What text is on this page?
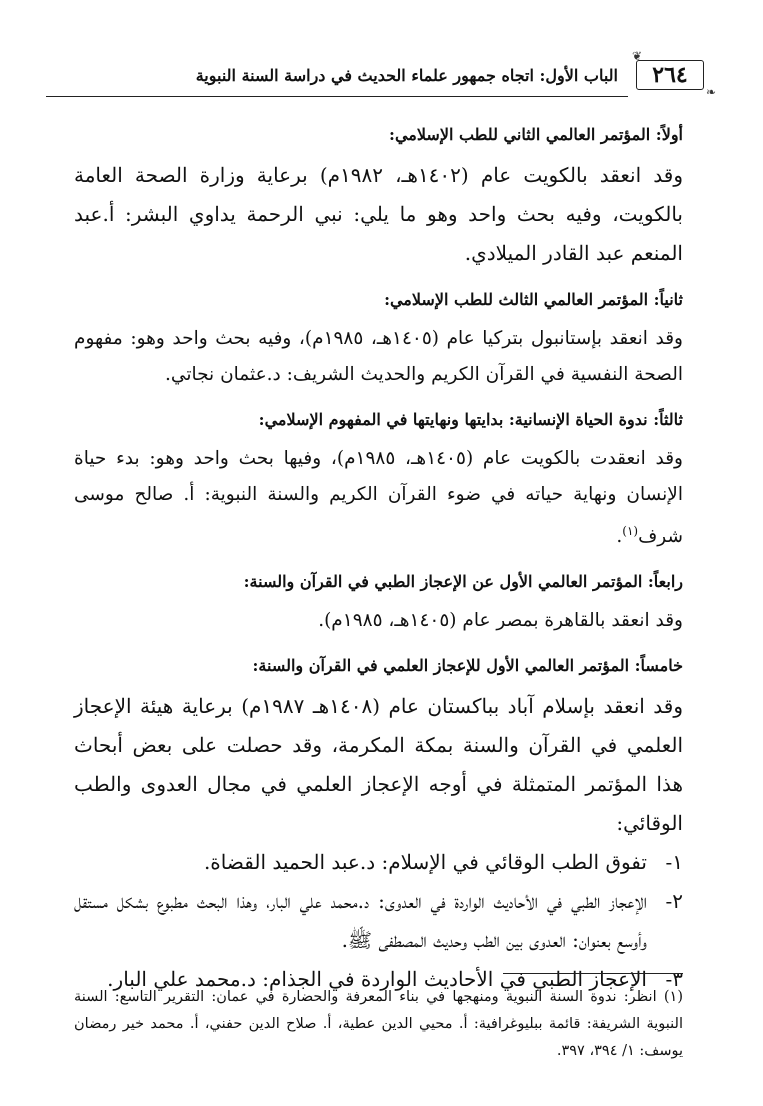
❦
٢٦٤
❧
الباب الأول: اتجاه جمهور علماء الحديث في دراسة السنة النبوية
أولاً: المؤتمر العالمي الثاني للطب الإسلامي:
وقد انعقد بالكويت عام (١٤٠٢هـ، ١٩٨٢م) برعاية وزارة الصحة العامة بالكويت، وفيه بحث واحد وهو ما يلي: نبي الرحمة يداوي البشر: أ.عبد المنعم عبد القادر الميلادي.
ثانياً: المؤتمر العالمي الثالث للطب الإسلامي:
وقد انعقد بإستانبول بتركيا عام (١٤٠٥هـ، ١٩٨٥م)، وفيه بحث واحد وهو: مفهوم الصحة النفسية في القرآن الكريم والحديث الشريف: د.عثمان نجاتي.
ثالثاً: ندوة الحياة الإنسانية: بدايتها ونهايتها في المفهوم الإسلامي:
وقد انعقدت بالكويت عام (١٤٠٥هـ، ١٩٨٥م)، وفيها بحث واحد وهو: بدء حياة الإنسان ونهاية حياته في ضوء القرآن الكريم والسنة النبوية: أ. صالح موسى شرف$^{(١)}$.
رابعاً: المؤتمر العالمي الأول عن الإعجاز الطبي في القرآن والسنة:
وقد انعقد بالقاهرة بمصر عام (١٤٠٥هـ، ١٩٨٥م).
خامساً: المؤتمر العالمي الأول للإعجاز العلمي في القرآن والسنة:
وقد انعقد بإسلام آباد بباكستان عام (١٤٠٨هـ ١٩٨٧م) برعاية هيئة الإعجاز العلمي في القرآن والسنة بمكة المكرمة، وقد حصلت على بعض أبحاث هذا المؤتمر المتمثلة في أوجه الإعجاز العلمي في مجال العدوى والطب الوقائي:
١-
تفوق الطب الوقائي في الإسلام: د.عبد الحميد القضاة.
٢-
الإعجاز الطبي في الأحاديث الواردة في العدوى: د.محمد علي البار، وهذا البحث مطبوع بشكل مستقل وأوسع بعنوان: العدوى بين الطب وحديث المصطفى ﷺ.
٣-
الإعجاز الطبي في الأحاديث الواردة في الجذام: د.محمد علي البار.
(١) انظر: ندوة السنة النبوية ومنهجها في بناء المعرفة والحضارة في عمان: التقرير التاسع: السنة النبوية الشريفة: قائمة ببليوغرافية: أ. محيي الدين عطية، أ. صلاح الدين حفني، أ. محمد خير رمضان يوسف: ١/ ٣٩٤، ٣٩٧.
